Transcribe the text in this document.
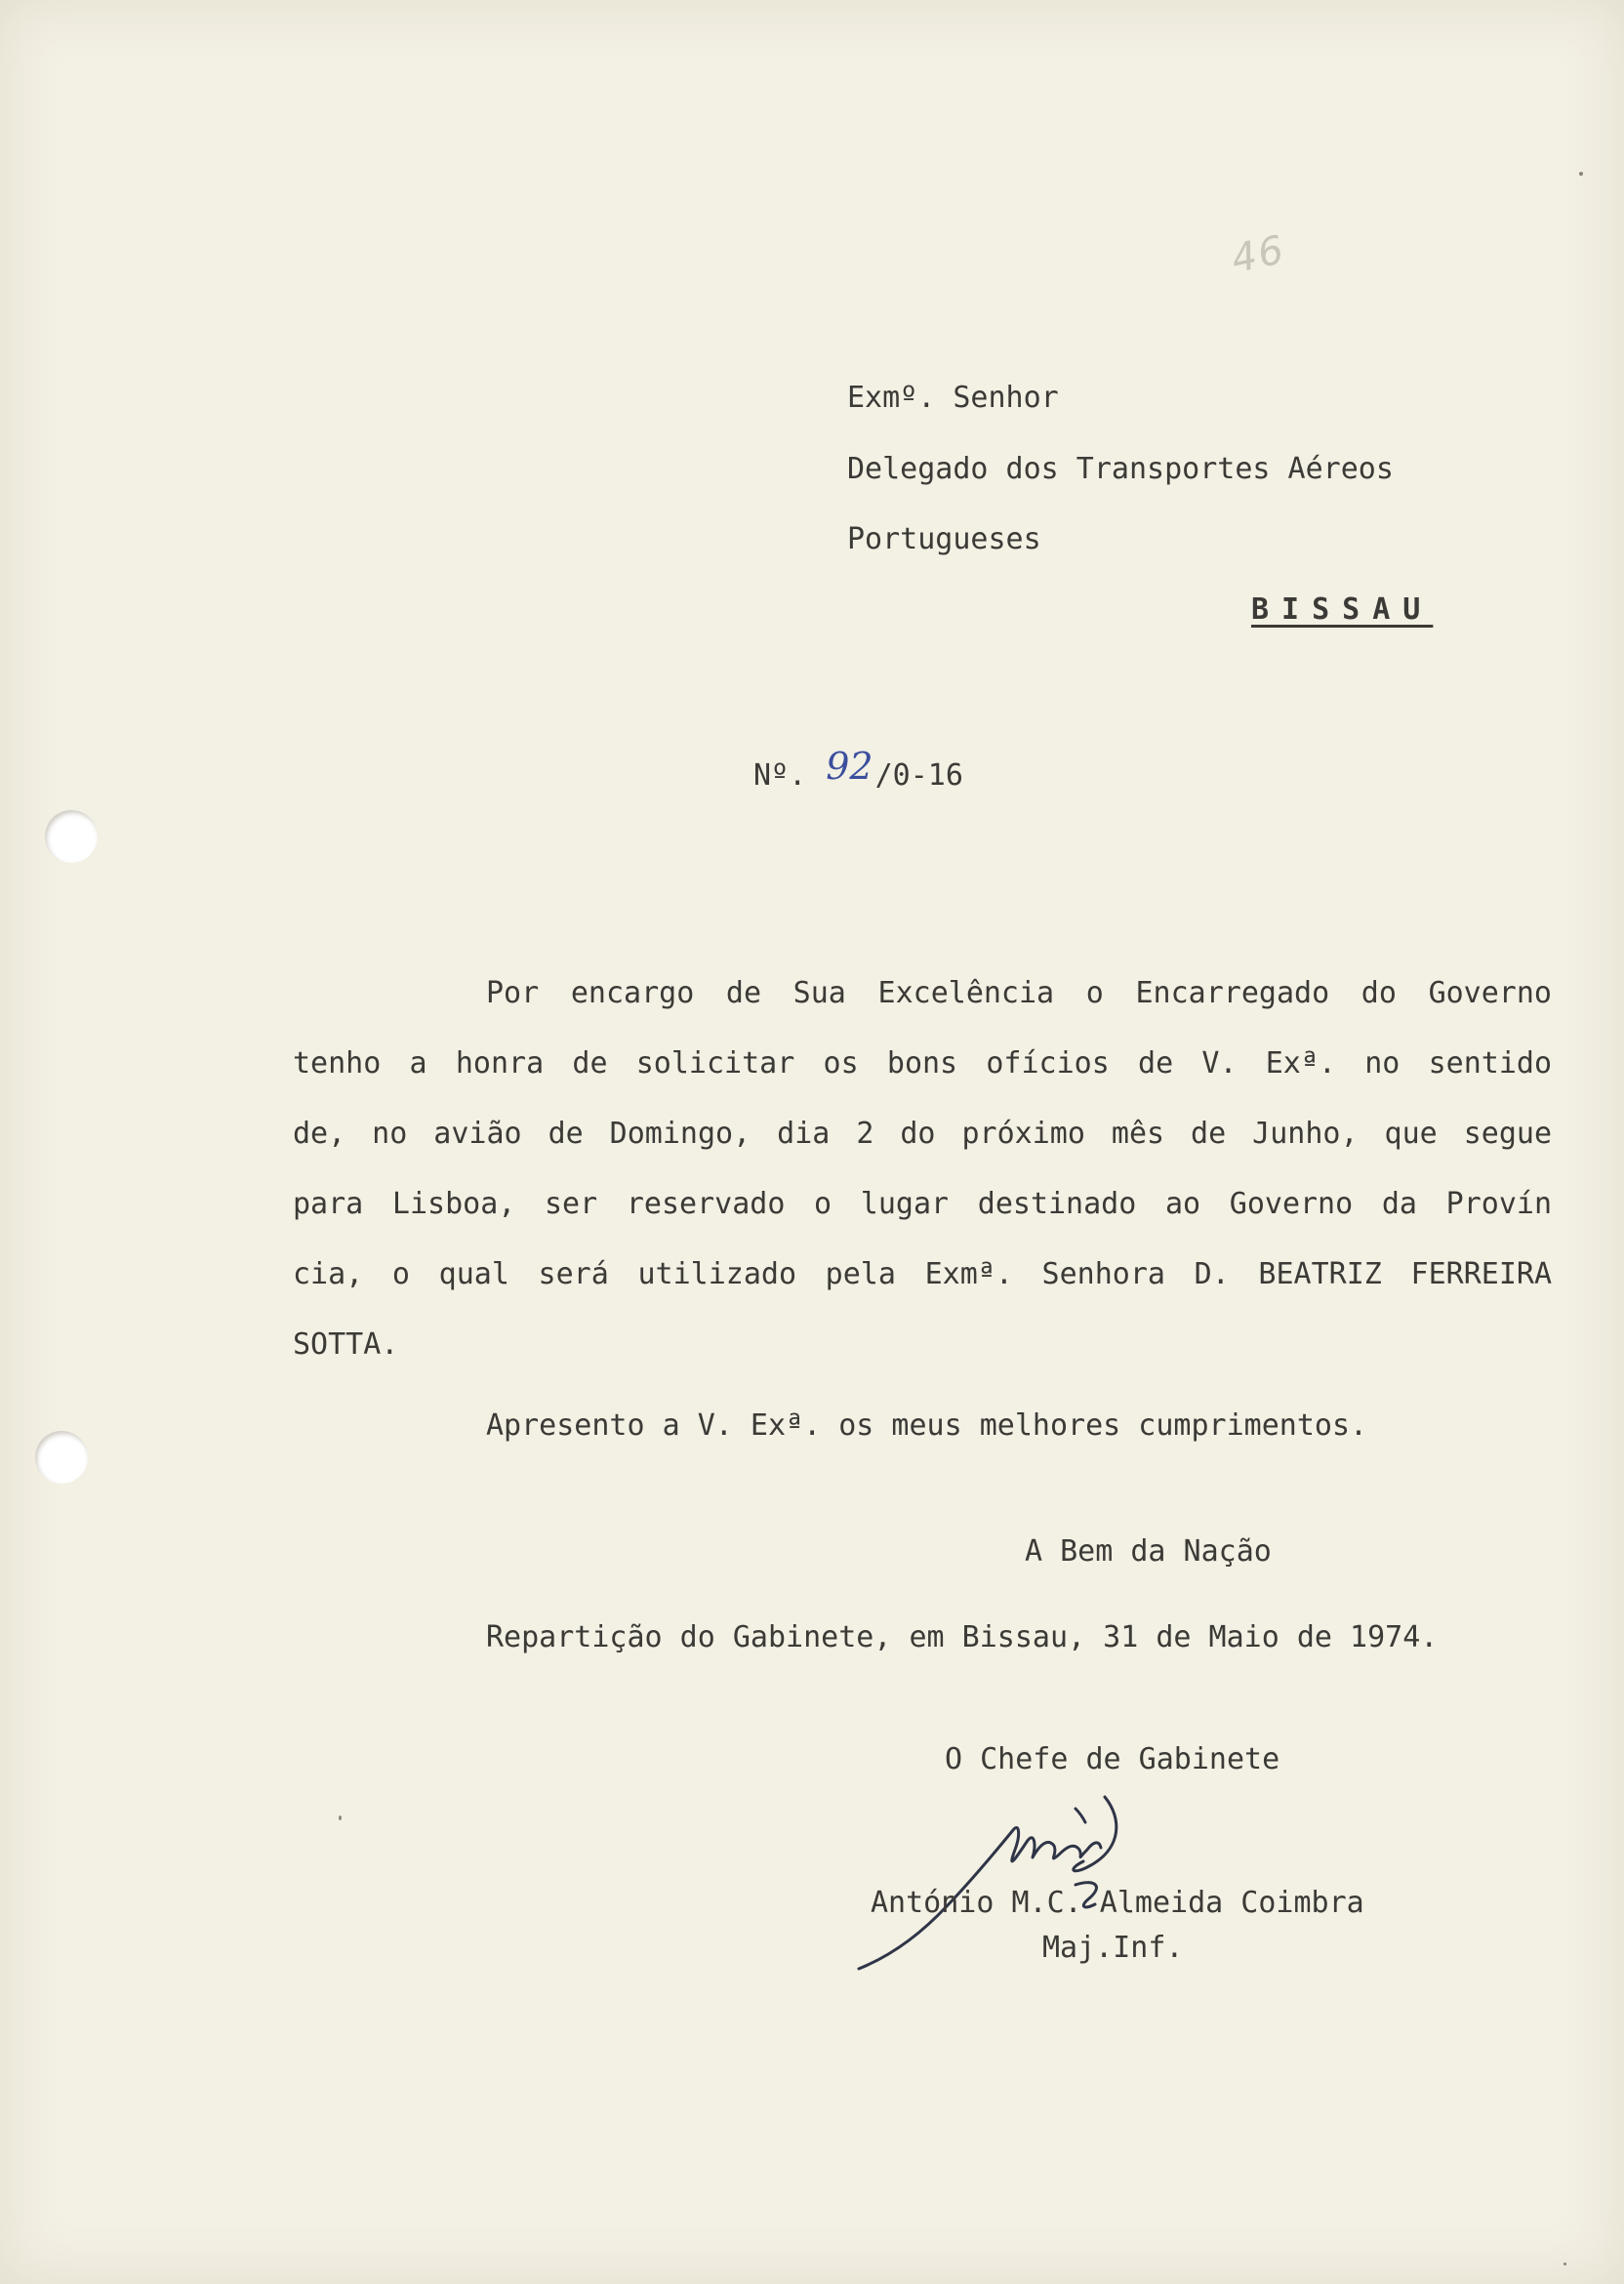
46
Exmº. Senhor
Delegado dos Transportes Aéreos
Portugueses
BISSAU
Nº. 92/0-16
Por encargo de Sua Excelência o Encarregado do Governo
tenho a honra de solicitar os bons ofícios de V. Exª. no sentido
de, no avião de Domingo, dia 2 do próximo mês de Junho, que segue
para Lisboa, ser reservado o lugar destinado ao Governo da Provín
cia, o qual será utilizado pela Exmª. Senhora D. BEATRIZ FERREIRA
SOTTA.
Apresento a V. Exª. os meus melhores cumprimentos.
A Bem da Nação
Repartição do Gabinete, em Bissau, 31 de Maio de 1974.
O Chefe de Gabinete
António M.C. Almeida Coimbra
Maj.Inf.
